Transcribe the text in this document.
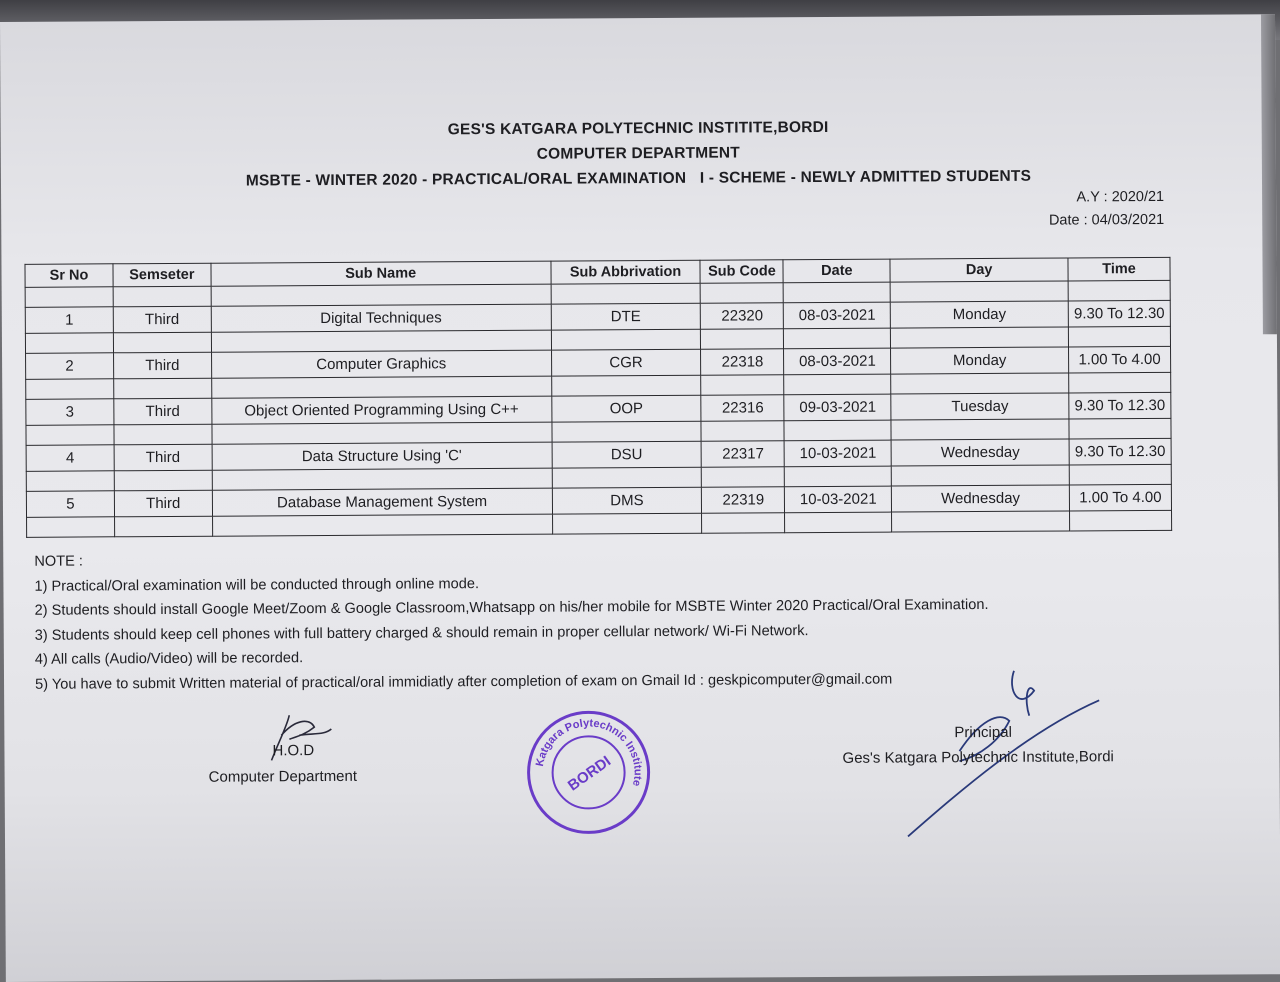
GES'S KATGARA POLYTECHNIC INSTITITE,BORDI
COMPUTER DEPARTMENT
MSBTE - WINTER 2020 - PRACTICAL/ORAL EXAMINATION   I - SCHEME - NEWLY ADMITTED STUDENTS
A.Y : 2020/21
Date : 04/03/2021
Sr No	Semseter	Sub Name	Sub Abbrivation	Sub Code	Date	Day	Time

1	Third	Digital Techniques	DTE	22320	08-03-2021	Monday	9.30 To 12.30

2	Third	Computer Graphics	CGR	22318	08-03-2021	Monday	1.00 To 4.00

3	Third	Object Oriented Programming Using C++	OOP	22316	09-03-2021	Tuesday	9.30 To 12.30

4	Third	Data Structure Using 'C'	DSU	22317	10-03-2021	Wednesday	9.30 To 12.30

5	Third	Database Management System	DMS	22319	10-03-2021	Wednesday	1.00 To 4.00

NOTE :
1) Practical/Oral examination will be conducted through online mode.
2) Students should install Google Meet/Zoom & Google Classroom,Whatsapp on his/her mobile for MSBTE Winter 2020 Practical/Oral Examination.
3) Students should keep cell phones with full battery charged & should remain in proper cellular network/ Wi-Fi Network.
4) All calls (Audio/Video) will be recorded.
5) You have to submit Written material of practical/oral immidiatly after completion of exam on Gmail Id : geskpicomputer@gmail.com
H.O.D
Computer Department
Katgara Polytechnic Institute
BORDI
Principal
Ges's Katgara Polytechnic Institute,Bordi
